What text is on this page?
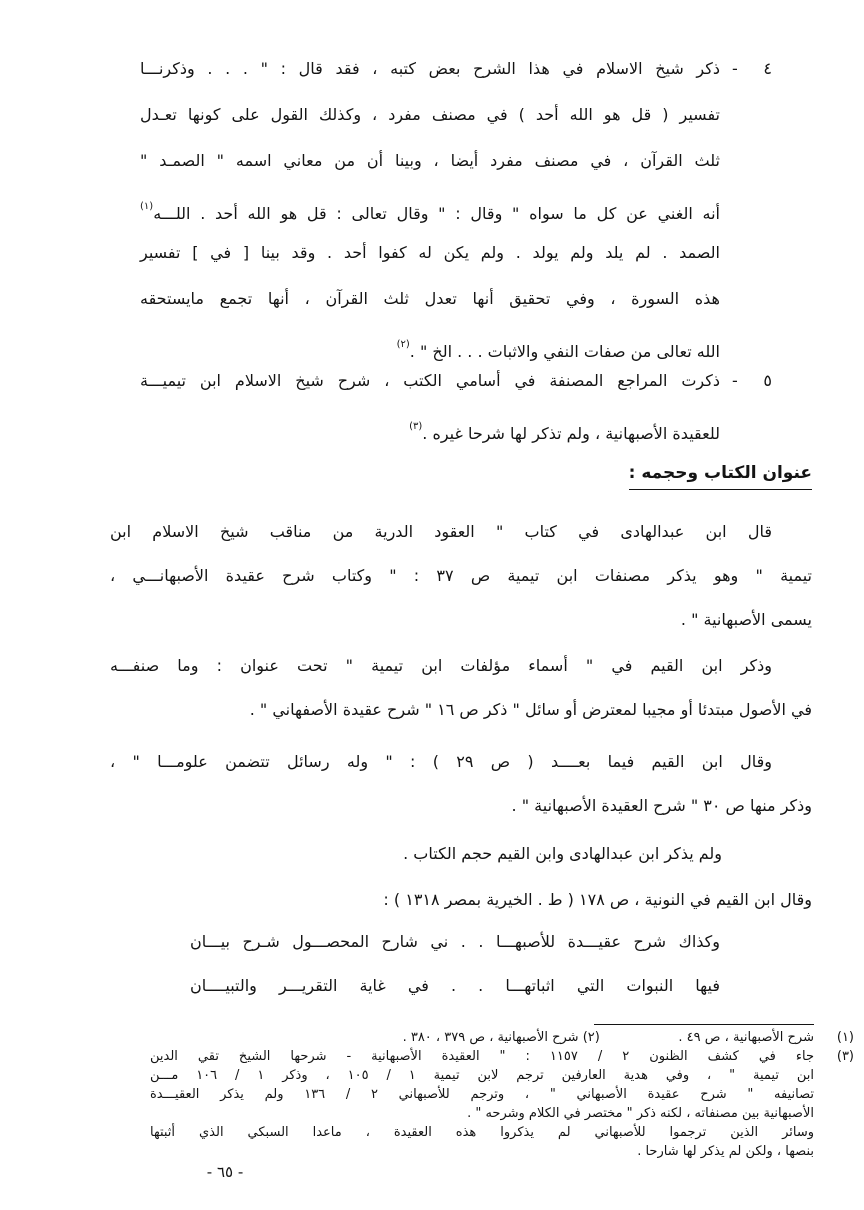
٤ -
ذكر شيخ الاسلام في هذا الشرح بعض كتبه ، فقد قال : " . . . وذكرنـــا
تفسير ( قل هو الله أحد ) في مصنف مفرد ، وكذلك القول على كونها تعـدل
ثلث القرآن ، في مصنف مفرد أيضا ، وبينا أن من معاني اسمه " الصمـد "
أنه الغني عن كل ما سواه " وقال : " وقال تعالى : قل هو الله أحد . اللـــه$^{(١)}$
الصمد . لم يلد ولم يولد . ولم يكن له كفوا أحد . وقد بينا [ في ] تفسير
هذه السورة ، وفي تحقيق أنها تعدل ثلث القرآن ، أنها تجمع مايستحقه
الله تعالى من صفات النفي والاثبات . . . الخ " .$^{(٢)}$
٥ -
ذكرت المراجع المصنفة في أسامي الكتب ، شرح شيخ الاسلام ابن تيميـــة
للعقيدة الأصبهانية ، ولم تذكر لها شرحا غيره .$^{(٣)}$
عنوان الكتاب وحجمه :
قال ابن عبدالهادى في كتاب " العقود الدرية من مناقب شيخ الاسلام ابن
تيمية " وهو يذكر مصنفات ابن تيمية ص ٣٧ : " وكتاب شرح عقيدة الأصبهانـــي ،
يسمى الأصبهانية " .
وذكر ابن القيم في " أسماء مؤلفات ابن تيمية " تحت عنوان : وما صنفـــه
في الأصول مبتدئا أو مجيبا لمعترض أو سائل " ذكر ص ١٦ " شرح عقيدة الأصفهاني " .
وقال ابن القيم فيما بعــــد ( ص ٢٩ ) : " وله رسائل تتضمن علومـــا " ،
وذكر منها ص ٣٠ " شرح العقيدة الأصبهانية " .
ولم يذكر ابن عبدالهادى وابن القيم حجم الكتاب .
وقال ابن القيم في النونية ، ص ١٧٨ ( ط . الخيرية بمصر ١٣١٨ ) :
وكذاك شرح عقيـــدة للأصبهـــا . . ني شارح المحصـــول شـرح بيـــان
فيها النبوات التي اثباتهـــا . . في غاية التقريـــر والتبيــــان
(١)
شرح الأصبهانية ، ص ٤٩ . (٢) شرح الأصبهانية ، ص ٣٧٩ ، ٣٨٠ .
(٣)
جاء في كشف الظنون ٢ / ١١٥٧ : " العقيدة الأصبهانية - شرحها الشيخ تقي الدين
ابن تيمية " ، وفي هدية العارفين ترجم لابن تيمية ١ / ١٠٥ ، وذكر ١ / ١٠٦ مـــن
تصانيفه " شرح عقيدة الأصبهاني " ، وترجم للأصبهاني ٢ / ١٣٦ ولم يذكر العقيـــدة
الأصبهانية بين مصنفاته ، لكنه ذكر " مختصر في الكلام وشرحه " .
وسائر الذين ترجموا للأصبهاني لم يذكروا هذه العقيدة ، ماعدا السبكي الذي أثبتها
بنصها ، ولكن لم يذكر لها شارحا .
- ٦٥ -
